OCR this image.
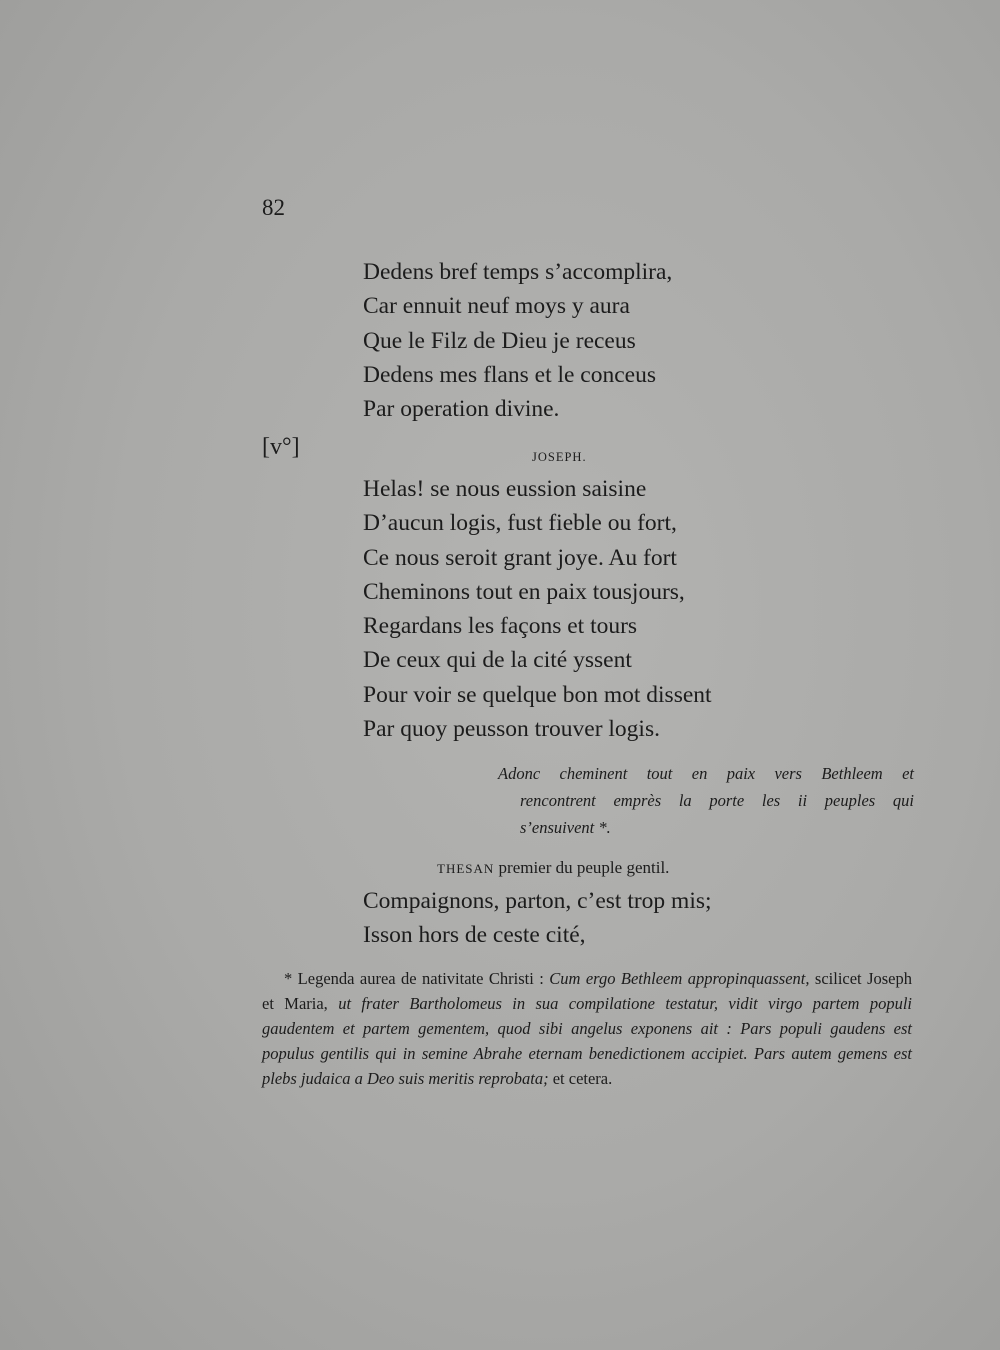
82
[v°]
Dedens bref temps s’accomplira,
Car ennuit neuf moys y aura
Que le Filz de Dieu je receus
Dedens mes flans et le conceus
Par operation divine.
JOSEPH.
Helas! se nous eussion saisine
D’aucun logis, fust fieble ou fort,
Ce nous seroit grant joye. Au fort
Cheminons tout en paix tousjours,
Regardans les façons et tours
De ceux qui de la cité yssent
Pour voir se quelque bon mot dissent
Par quoy peusson trouver logis.
Adonc cheminent tout en paix vers Bethleem et
rencontrent emprès la porte les ii peuples qui
s’ensuivent *.
THESAN premier du peuple gentil.
Compaignons, parton, c’est trop mis;
Isson hors de ceste cité,
* Legenda aurea de nativitate Christi : Cum ergo Bethleem appropinquassent, scilicet Joseph et Maria, ut frater Bartholomeus in sua compilatione testatur, vidit virgo partem populi gaudentem et partem gementem, quod sibi angelus exponens ait : Pars populi gaudens est populus gentilis qui in semine Abrahe eternam benedictionem accipiet. Pars autem gemens est plebs judaica a Deo suis meritis reprobata; et cetera.
